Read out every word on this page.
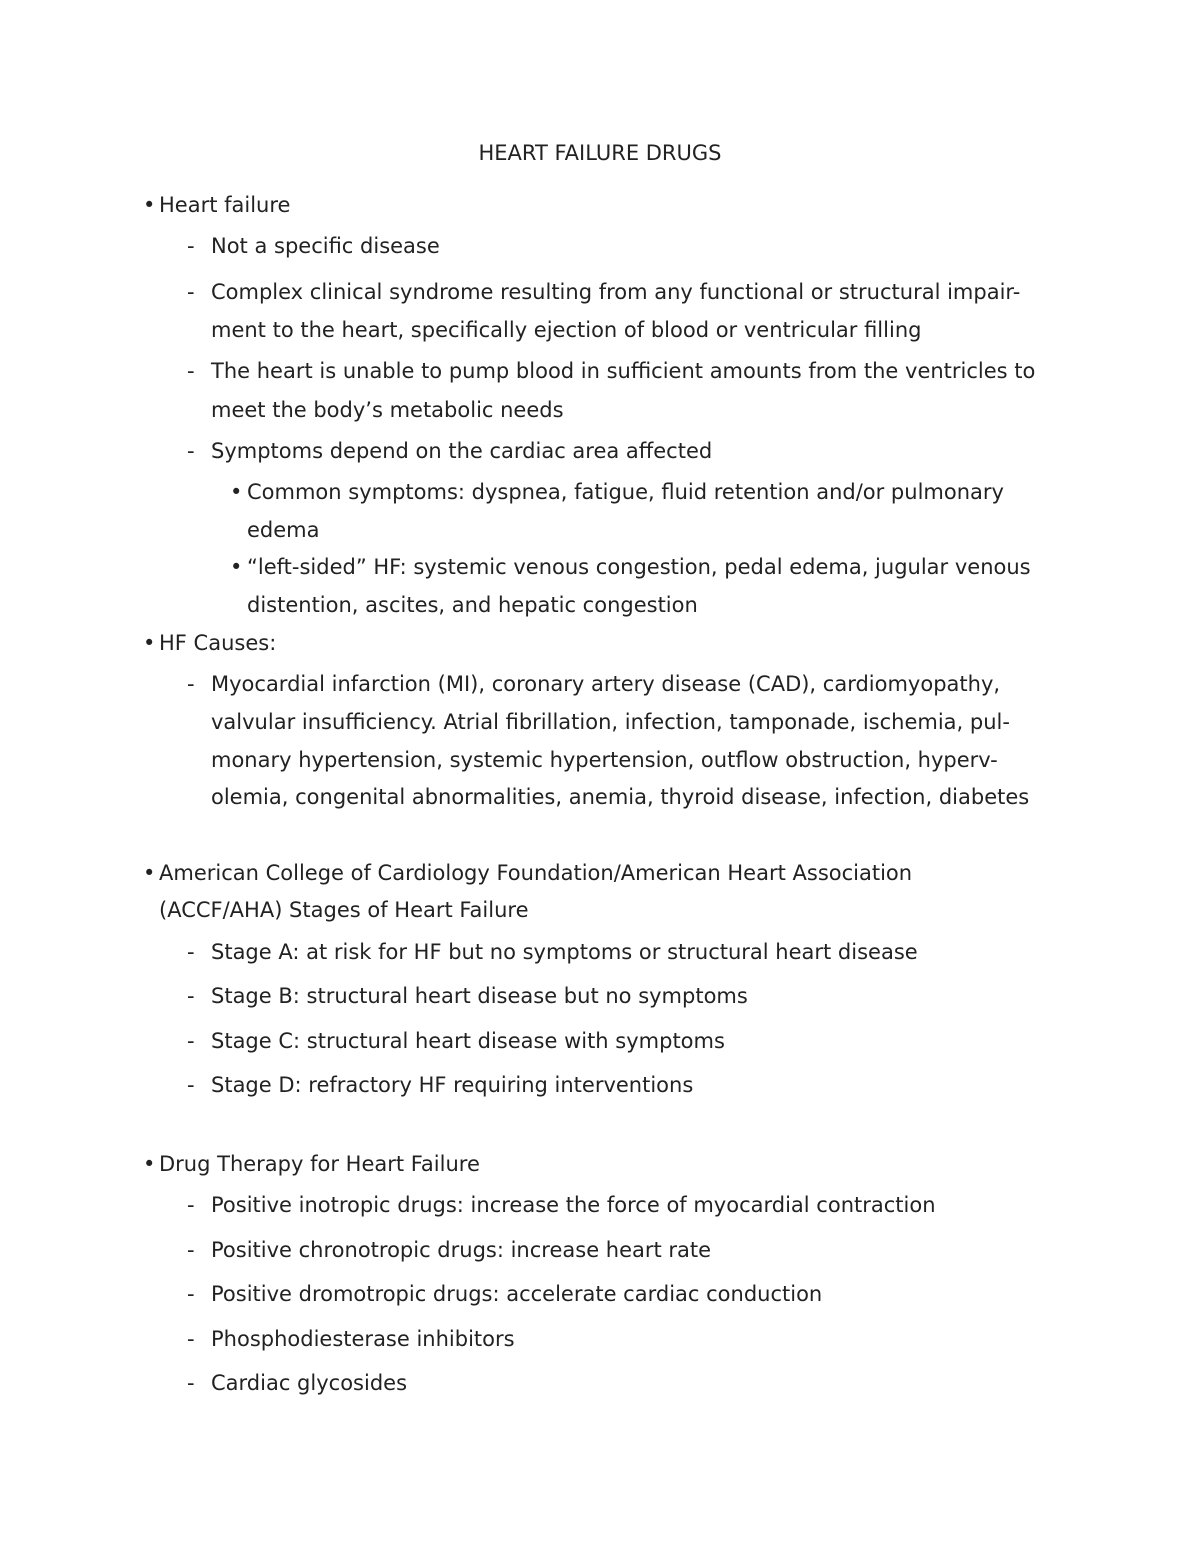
HEART FAILURE DRUGS
• Heart failure
- Not a specific disease
- Complex clinical syndrome resulting from any functional or structural impair-
ment to the heart, specifically ejection of blood or ventricular filling
- The heart is unable to pump blood in sufficient amounts from the ventricles to
meet the body’s metabolic needs
- Symptoms depend on the cardiac area affected
• Common symptoms: dyspnea, fatigue, fluid retention and/or pulmonary
edema
• “left-sided” HF: systemic venous congestion, pedal edema, jugular venous
distention, ascites, and hepatic congestion
• HF Causes:
- Myocardial infarction (MI), coronary artery disease (CAD), cardiomyopathy,
valvular insufficiency. Atrial fibrillation, infection, tamponade, ischemia, pul-
monary hypertension, systemic hypertension, outflow obstruction, hyperv-
olemia, congenital abnormalities, anemia, thyroid disease, infection, diabetes
• American College of Cardiology Foundation/American Heart Association
(ACCF/AHA) Stages of Heart Failure
- Stage A: at risk for HF but no symptoms or structural heart disease
- Stage B: structural heart disease but no symptoms
- Stage C: structural heart disease with symptoms
- Stage D: refractory HF requiring interventions
• Drug Therapy for Heart Failure
- Positive inotropic drugs: increase the force of myocardial contraction
- Positive chronotropic drugs: increase heart rate
- Positive dromotropic drugs: accelerate cardiac conduction
- Phosphodiesterase inhibitors
- Cardiac glycosides
